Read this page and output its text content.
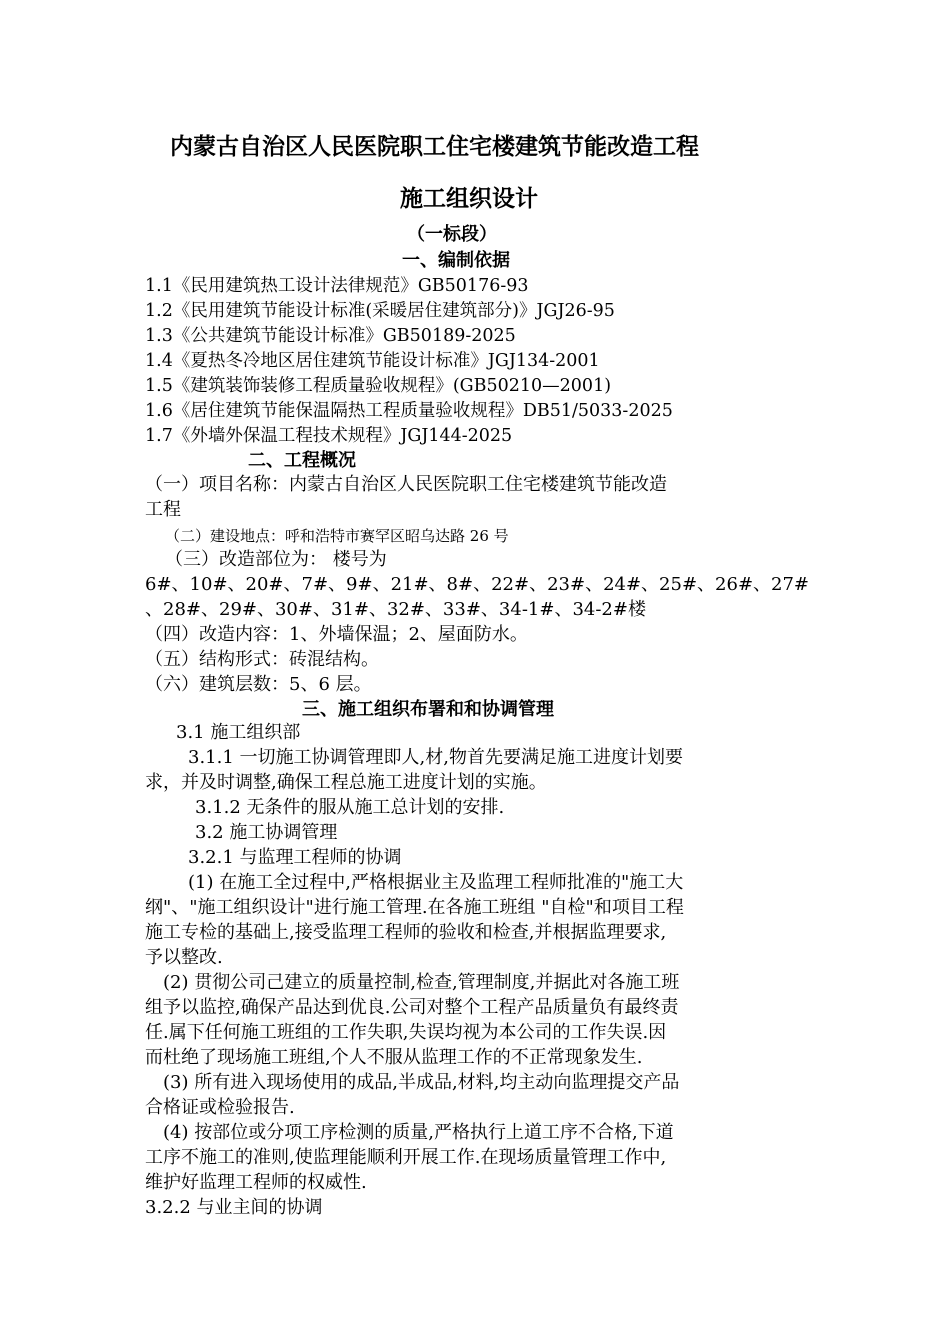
内蒙古自治区人民医院职工住宅楼建筑节能改造工程
施工组织设计
（一标段）
一、编制依据
1.1《民用建筑热工设计法律规范》GB50176-93
1.2《民用建筑节能设计标准(采暖居住建筑部分)》JGJ26-95
1.3《公共建筑节能设计标准》GB50189-2025
1.4《夏热冬冷地区居住建筑节能设计标准》JGJ134-2001
1.5《建筑装饰装修工程质量验收规程》(GB50210—2001)
1.6《居住建筑节能保温隔热工程质量验收规程》DB51/5033-2025
1.7《外墙外保温工程技术规程》JGJ144-2025
二、工程概况
（一）项目名称：内蒙古自治区人民医院职工住宅楼建筑节能改造
工程
（二）建设地点：呼和浩特市赛罕区昭乌达路 26 号
（三）改造部位为： 楼号为
6#、10#、20#、7#、9#、21#、8#、22#、23#、24#、25#、26#、27#
、28#、29#、30#、31#、32#、33#、34-1#、34-2#楼
（四）改造内容：1、外墙保温；2、屋面防水。
（五）结构形式：砖混结构。
（六）建筑层数：5、6 层。
三、施工组织布署和和协调管理
3.1 施工组织部
3.1.1 一切施工协调管理即人,材,物首先要满足施工进度计划要
求，并及时调整,确保工程总施工进度计划的实施。
3.1.2 无条件的服从施工总计划的安排.
3.2 施工协调管理
3.2.1 与监理工程师的协调
(1) 在施工全过程中,严格根据业主及监理工程师批准的"施工大
纲"、"施工组织设计"进行施工管理.在各施工班组 "自检"和项目工程
施工专检的基础上,接受监理工程师的验收和检查,并根据监理要求,
予以整改.
(2) 贯彻公司己建立的质量控制,检查,管理制度,并据此对各施工班
组予以监控,确保产品达到优良.公司对整个工程产品质量负有最终责
任.属下任何施工班组的工作失职,失误均视为本公司的工作失误.因
而杜绝了现场施工班组,个人不服从监理工作的不正常现象发生.
(3) 所有进入现场使用的成品,半成品,材料,均主动向监理提交产品
合格证或检验报告.
(4) 按部位或分项工序检测的质量,严格执行上道工序不合格,下道
工序不施工的准则,使监理能顺利开展工作.在现场质量管理工作中,
维护好监理工程师的权威性.
3.2.2 与业主间的协调
